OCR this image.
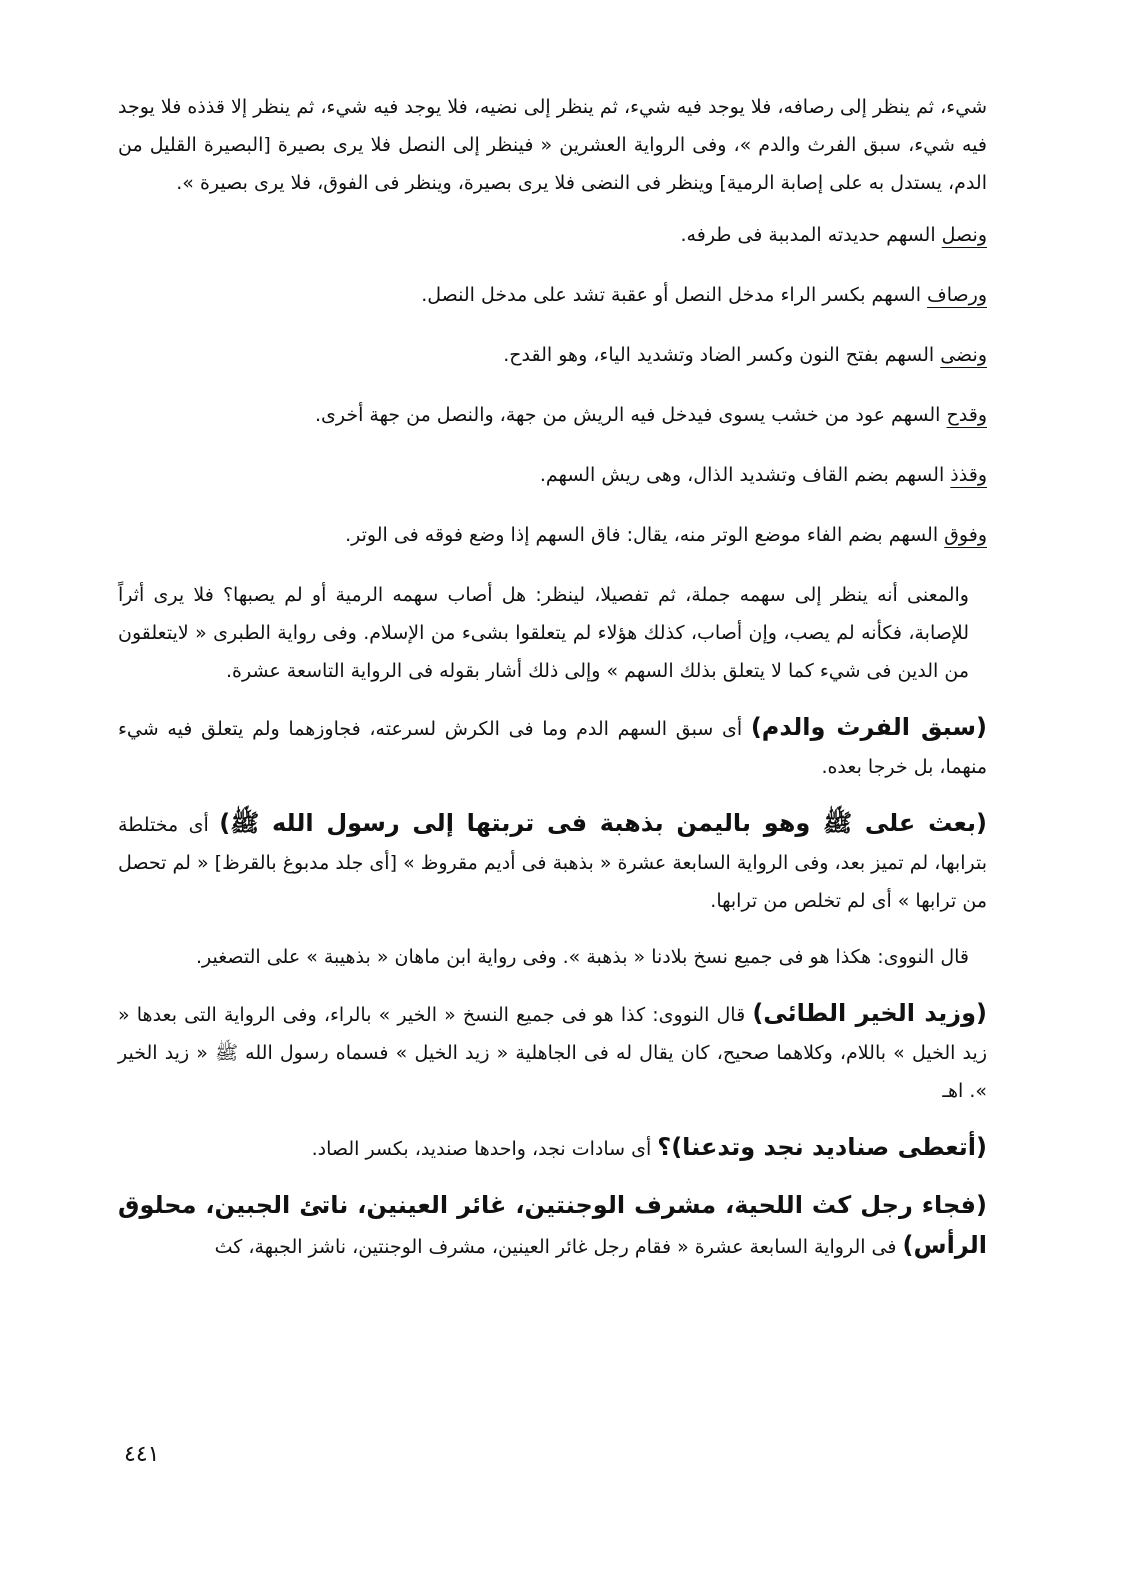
شيء، ثم ينظر إلى رصافه، فلا يوجد فيه شيء، ثم ينظر إلى نضيه، فلا يوجد فيه شيء، ثم ينظر إلا قذذه فلا يوجد فيه شيء، سبق الفرث والدم »، وفى الرواية العشرين « فينظر إلى النصل فلا يرى بصيرة [البصيرة القليل من الدم، يستدل به على إصابة الرمية] وينظر فى النضى فلا يرى بصيرة، وينظر فى الفوق، فلا يرى بصيرة ».

ونصل السهم حديدته المدببة فى طرفه.

ورصاف السهم بكسر الراء مدخل النصل أو عقبة تشد على مدخل النصل.

ونضى السهم بفتح النون وكسر الضاد وتشديد الياء، وهو القدح.

وقدح السهم عود من خشب يسوى فيدخل فيه الريش من جهة، والنصل من جهة أخرى.

وقذذ السهم بضم القاف وتشديد الذال، وهى ريش السهم.

وفوق السهم بضم الفاء موضع الوتر منه، يقال: فاق السهم إذا وضع فوقه فى الوتر.

والمعنى أنه ينظر إلى سهمه جملة، ثم تفصيلا، لينظر: هل أصاب سهمه الرمية أو لم يصبها؟ فلا يرى أثراً للإصابة، فكأنه لم يصب، وإن أصاب، كذلك هؤلاء لم يتعلقوا بشىء من الإسلام. وفى رواية الطبرى « لايتعلقون من الدين فى شيء كما لا يتعلق بذلك السهم » وإلى ذلك أشار بقوله فى الرواية التاسعة عشرة.

(سبق الفرث والدم) أى سبق السهم الدم وما فى الكرش لسرعته، فجاوزهما ولم يتعلق فيه شيء منهما، بل خرجا بعده.

(بعث على ﷺ وهو باليمن بذهبة فى تربتها إلى رسول الله ﷺ) أى مختلطة بترابها، لم تميز بعد، وفى الرواية السابعة عشرة « بذهبة فى أديم مقروظ » [أى جلد مدبوغ بالقرظ] « لم تحصل من ترابها » أى لم تخلص من ترابها.

قال النووى: هكذا هو فى جميع نسخ بلادنا « بذهبة ». وفى رواية ابن ماهان « بذهيبة » على التصغير.

(وزيد الخير الطائى) قال النووى: كذا هو فى جميع النسخ « الخير » بالراء، وفى الرواية التى بعدها « زيد الخيل » باللام، وكلاهما صحيح، كان يقال له فى الجاهلية « زيد الخيل » فسماه رسول الله ﷺ « زيد الخير ». اهـ

(أتعطى صناديد نجد وتدعنا)؟ أى سادات نجد، واحدها صنديد، بكسر الصاد.

(فجاء رجل كث اللحية، مشرف الوجنتين، غائر العينين، ناتئ الجبين، محلوق الرأس) فى الرواية السابعة عشرة « فقام رجل غائر العينين، مشرف الوجنتين، ناشز الجبهة، كث

٤٤١
